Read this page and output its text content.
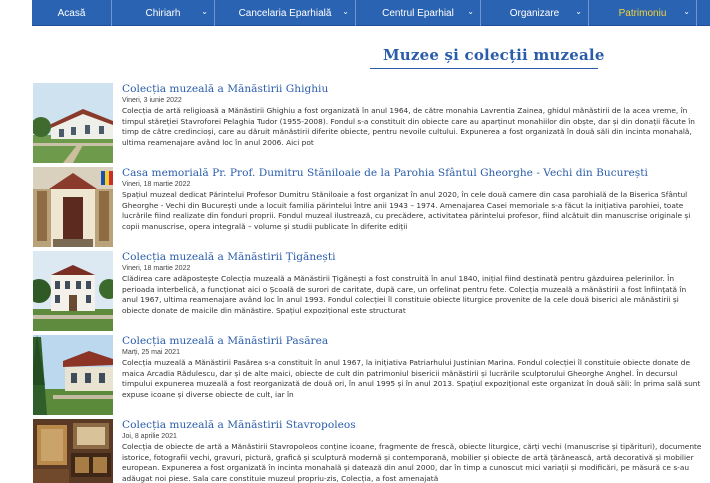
Acasă	Chiriarh	⌄	Cancelaria Eparhială ⌄	Centrul Eparhial ⌄	Organizare ⌄	Patrimoniu ⌄
Muzee și colecții muzeale
Colecția muzeală a Mănăstirii Ghighiu
Vineri, 3 iunie 2022

Colecția de artă religioasă a Mănăstirii Ghighiu a fost organizată în anul 1964, de către monahia Lavrentia Zainea, ghidul mănăstirii de la acea vreme, în timpul stăreției Stavroforei Pelaghia Tudor (1955-2008). Fondul s-a constituit din obiecte care au aparținut monahiilor din obște, dar și din donații făcute în timp de către credincioși, care au dăruit mănăstirii diferite obiecte, pentru nevoile cultului. Expunerea a fost organizată în două săli din incinta monahală, ultima reamenajare având loc în anul 2006. Aici pot

Casa memorială Pr. Prof. Dumitru Stăniloaie de la Parohia Sfântul Gheorghe - Vechi din București
Vineri, 18 martie 2022

Spațiul muzeal dedicat Părintelui Profesor Dumitru Stăniloaie a fost organizat în anul 2020, în cele două camere din casa parohială de la Biserica Sfântul Gheorghe - Vechi din București unde a locuit familia părintelui între anii 1943 – 1974. Amenajarea Casei memoriale s-a făcut la inițiativa parohiei, toate lucrările fiind realizate din fonduri proprii. Fondul muzeal ilustrează, cu precădere, activitatea părintelui profesor, fiind alcătuit din manuscrise originale și copii manuscrise, opera integrală – volume și studii publicate în diferite ediții

Colecția muzeală a Mănăstirii Țigănești
Vineri, 18 martie 2022

Clădirea care adăpostește Colecția muzeală a Mănăstirii Țigănești a fost construită în anul 1840, inițial fiind destinată pentru găzduirea pelerinilor. În perioada interbelică, a funcționat aici o Școală de surori de caritate, după care, un orfelinat pentru fete. Colecția muzeală a mănăstirii a fost înființată în anul 1967, ultima reamenajare având loc în anul 1993. Fondul colecției îl constituie obiecte liturgice provenite de la cele două biserici ale mănăstirii și obiecte donate de maicile din mănăstire. Spațiul expozițional este structurat

Colecția muzeală a Mănăstirii Pasărea
Marți, 25 mai 2021

Colecția muzeală a Mănăstirii Pasărea s-a constituit în anul 1967, la inițiativa Patriarhului Justinian Marina. Fondul colecției îl constituie obiecte donate de maica Arcadia Rădulescu, dar și de alte maici, obiecte de cult din patrimoniul bisericii mănăstirii și lucrările sculptorului Gheorghe Anghel. În decursul timpului expunerea muzeală a fost reorganizată de două ori, în anul 1995 și în anul 2013. Spațiul expozițional este organizat în două săli: în prima sală sunt expuse icoane și diverse obiecte de cult, iar în

Colecția muzeală a Mănăstirii Stavropoleos
Joi, 8 aprilie 2021

Colecția de obiecte de artă a Mănăstirii Stavropoleos conține icoane, fragmente de frescă, obiecte liturgice, cărți vechi (manuscrise și tipărituri), documente istorice, fotografii vechi, gravuri, pictură, grafică și sculptură modernă și contemporană, mobilier și obiecte de artă țărănească, artă decorativă și mobilier european. Expunerea a fost organizată în incinta monahală și datează din anul 2000, dar în timp a cunoscut mici variații și modificări, pe măsură ce s-au adăugat noi piese. Sala care constituie muzeul propriu-zis, Colecția, a fost amenajată
